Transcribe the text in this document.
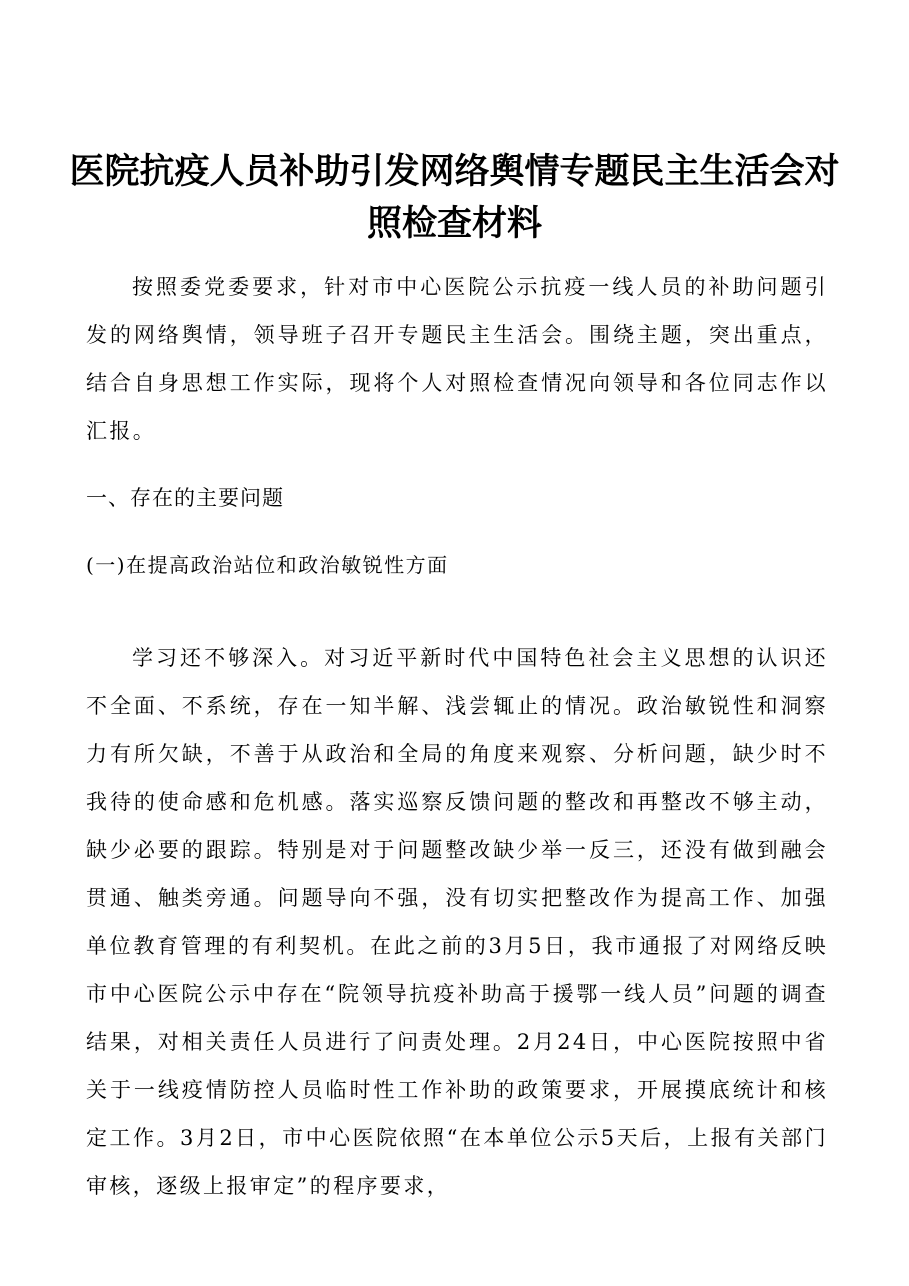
医院抗疫人员补助引发网络舆情专题民主生活会对照检查材料
按照委党委要求，针对市中心医院公示抗疫一线人员的补助问题引发的网络舆情，领导班子召开专题民主生活会。围绕主题，突出重点，结合自身思想工作实际，现将个人对照检查情况向领导和各位同志作以汇报。
一、存在的主要问题
(一)在提高政治站位和政治敏锐性方面
学习还不够深入。对习近平新时代中国特色社会主义思想的认识还不全面、不系统，存在一知半解、浅尝辄止的情况。政治敏锐性和洞察力有所欠缺，不善于从政治和全局的角度来观察、分析问题，缺少时不我待的使命感和危机感。落实巡察反馈问题的整改和再整改不够主动，缺少必要的跟踪。特别是对于问题整改缺少举一反三，还没有做到融会贯通、触类旁通。问题导向不强，没有切实把整改作为提高工作、加强单位教育管理的有利契机。在此之前的3月5日，我市通报了对网络反映市中心医院公示中存在“院领导抗疫补助高于援鄂一线人员”问题的调查结果，对相关责任人员进行了问责处理。2月24日，中心医院按照中省关于一线疫情防控人员临时性工作补助的政策要求，开展摸底统计和核定工作。3月2日，市中心医院依照“在本单位公示5天后，上报有关部门审核，逐级上报审定”的程序要求，
